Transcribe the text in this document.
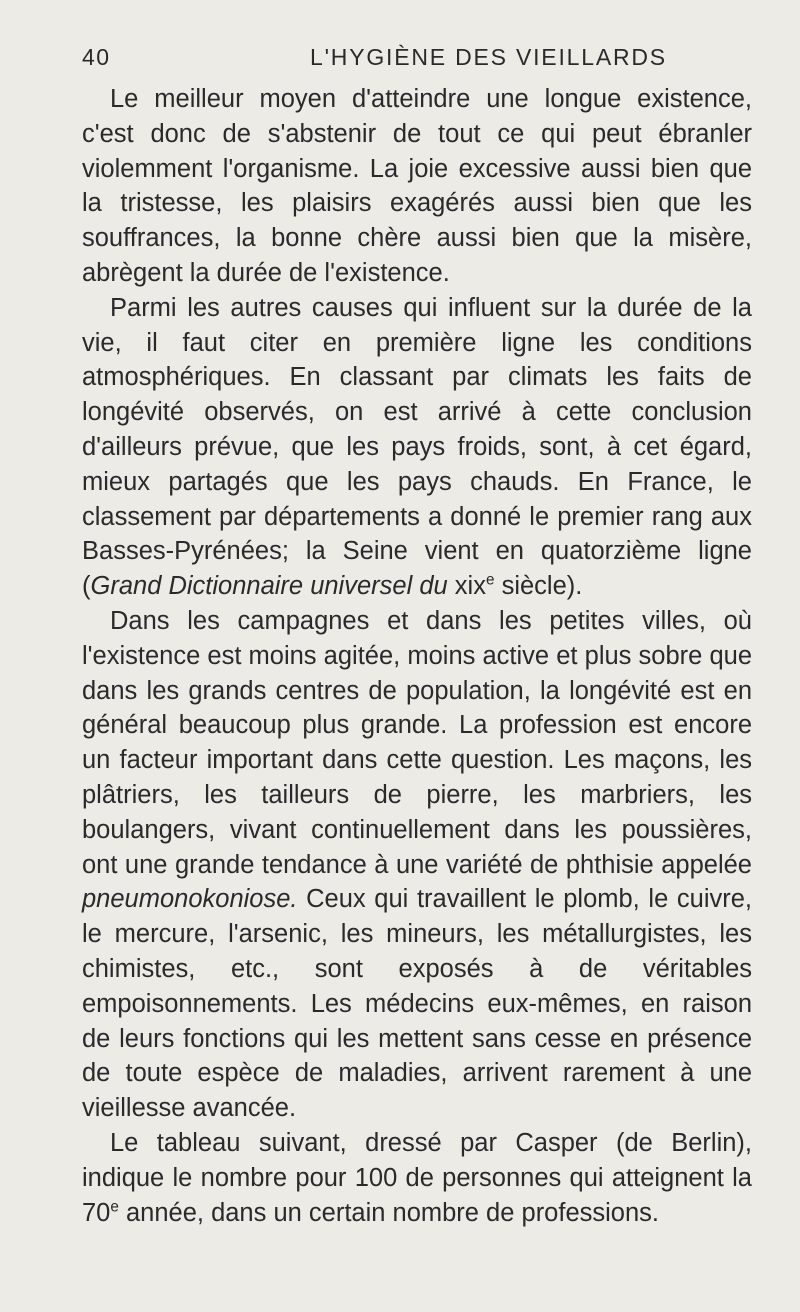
40	L'HYGIÈNE DES VIEILLARDS

Le meilleur moyen d'atteindre une longue existence, c'est donc de s'abstenir de tout ce qui peut ébranler violemment l'organisme. La joie excessive aussi bien que la tristesse, les plaisirs exagérés aussi bien que les souffrances, la bonne chère aussi bien que la misère, abrègent la durée de l'existence.

Parmi les autres causes qui influent sur la durée de la vie, il faut citer en première ligne les conditions atmosphériques. En classant par climats les faits de longévité observés, on est arrivé à cette conclusion d'ailleurs prévue, que les pays froids, sont, à cet égard, mieux partagés que les pays chauds. En France, le classement par départements a donné le premier rang aux Basses-Pyrénées; la Seine vient en quatorzième ligne (Grand Dictionnaire universel du xix$^e$ siècle).

Dans les campagnes et dans les petites villes, où l'existence est moins agitée, moins active et plus sobre que dans les grands centres de population, la longévité est en général beaucoup plus grande. La profession est encore un facteur important dans cette question. Les maçons, les plâtriers, les tailleurs de pierre, les marbriers, les boulangers, vivant continuellement dans les poussières, ont une grande tendance à une variété de phthisie appelée pneumonokoniose. Ceux qui travaillent le plomb, le cuivre, le mercure, l'arsenic, les mineurs, les métallurgistes, les chimistes, etc., sont exposés à de véritables empoisonnements. Les médecins eux-mêmes, en raison de leurs fonctions qui les mettent sans cesse en présence de toute espèce de maladies, arrivent rarement à une vieillesse avancée.

Le tableau suivant, dressé par Casper (de Berlin), indique le nombre pour 100 de personnes qui atteignent la 70e année, dans un certain nombre de professions.
